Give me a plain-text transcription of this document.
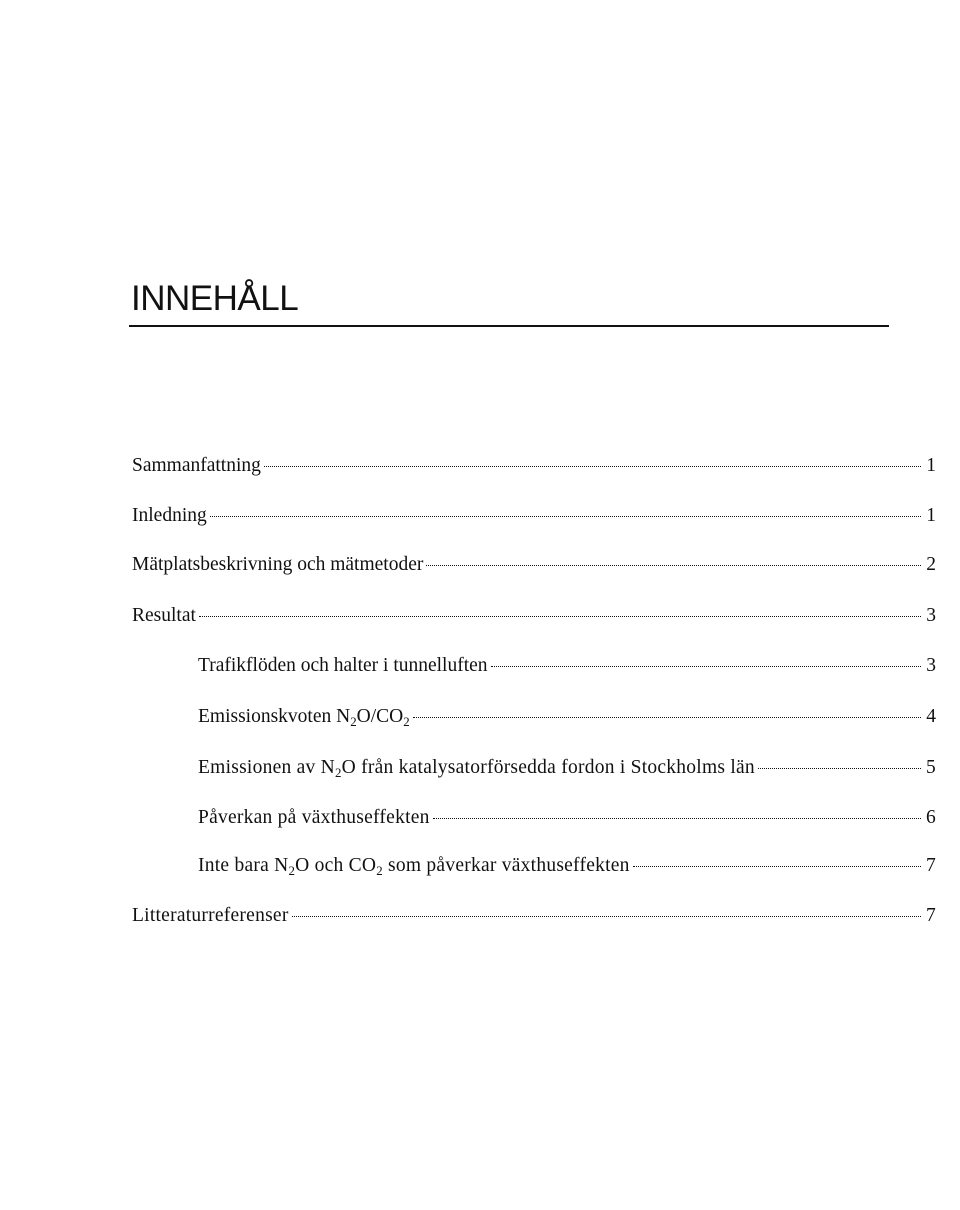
INNEHÅLL
Sammanfattning	1
Inledning	1
Mätplatsbeskrivning och mätmetoder	2
Resultat	3
Trafikflöden och halter i tunnelluften	3
Emissionskvoten $N_2O/CO_2$	4
Emissionen av $N_2O$ från katalysatorförsedda fordon i Stockholms län	5
Påverkan på växthuseffekten	6
Inte bara $N_2O$ och $CO_2$ som påverkar växthuseffekten	7
Litteraturreferenser	7
